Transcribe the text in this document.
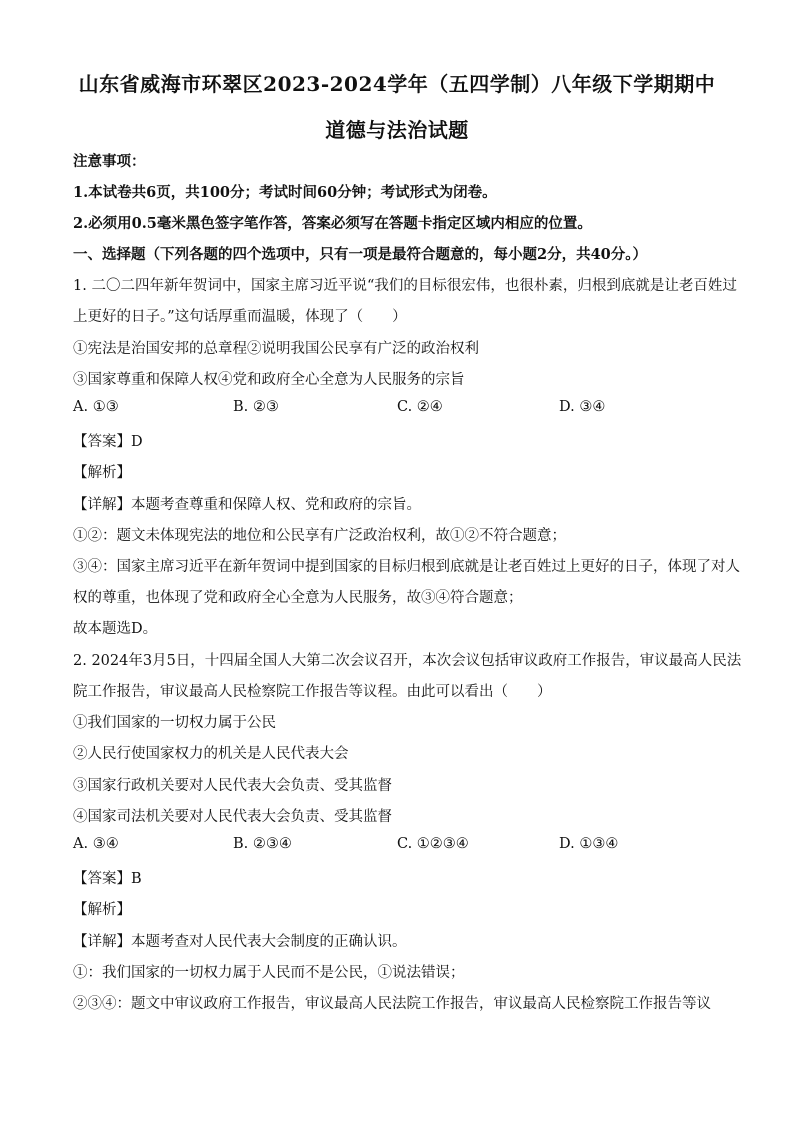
山东省威海市环翠区2023-2024学年（五四学制）八年级下学期期中
道德与法治试题
注意事项：
1.本试卷共6页，共100分；考试时间60分钟；考试形式为闭卷。
2.必须用0.5毫米黑色签字笔作答，答案必须写在答题卡指定区域内相应的位置。
一、选择题（下列各题的四个选项中，只有一项是最符合题意的，每小题2分，共40分。）
1. 二〇二四年新年贺词中，国家主席习近平说“我们的目标很宏伟，也很朴素，归根到底就是让老百姓过
上更好的日子。”这句话厚重而温暖，体现了（　　）
①宪法是治国安邦的总章程②说明我国公民享有广泛的政治权利
③国家尊重和保障人权④党和政府全心全意为人民服务的宗旨
A. ①③	B. ②③	C. ②④	D. ③④
【答案】D
【解析】
【详解】本题考查尊重和保障人权、党和政府的宗旨。
①②：题文未体现宪法的地位和公民享有广泛政治权利，故①②不符合题意；
③④：国家主席习近平在新年贺词中提到国家的目标归根到底就是让老百姓过上更好的日子，体现了对人
权的尊重，也体现了党和政府全心全意为人民服务，故③④符合题意；
故本题选D。
2. 2024年3月5日，十四届全国人大第二次会议召开，本次会议包括审议政府工作报告，审议最高人民法
院工作报告，审议最高人民检察院工作报告等议程。由此可以看出（　　）
①我们国家的一切权力属于公民
②人民行使国家权力的机关是人民代表大会
③国家行政机关要对人民代表大会负责、受其监督
④国家司法机关要对人民代表大会负责、受其监督
A. ③④	B. ②③④	C. ①②③④	D. ①③④
【答案】B
【解析】
【详解】本题考查对人民代表大会制度的正确认识。
①：我们国家的一切权力属于人民而不是公民，①说法错误；
②③④：题文中审议政府工作报告，审议最高人民法院工作报告，审议最高人民检察院工作报告等议
